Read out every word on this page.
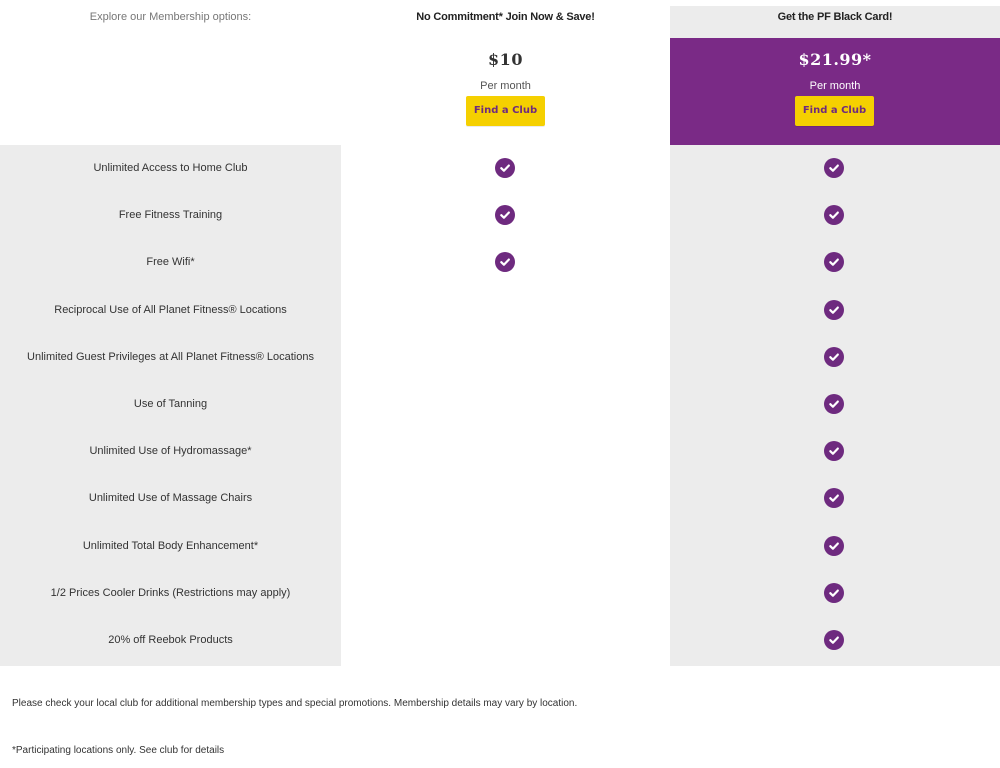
Explore our Membership options:	No Commitment* Join Now & Save!	Get the PF Black Card!
$10
Per month
Find a Club
$21.99*
Per month
Find a Club
Unlimited Access to Home Club
Free Fitness Training
Free Wifi*
Reciprocal Use of All Planet Fitness® Locations
Unlimited Guest Privileges at All Planet Fitness® Locations
Use of Tanning
Unlimited Use of Hydromassage*
Unlimited Use of Massage Chairs
Unlimited Total Body Enhancement*
1/2 Prices Cooler Drinks (Restrictions may apply)
20% off Reebok Products
Please check your local club for additional membership types and special promotions. Membership details may vary by location.
*Participating locations only. See club for details
